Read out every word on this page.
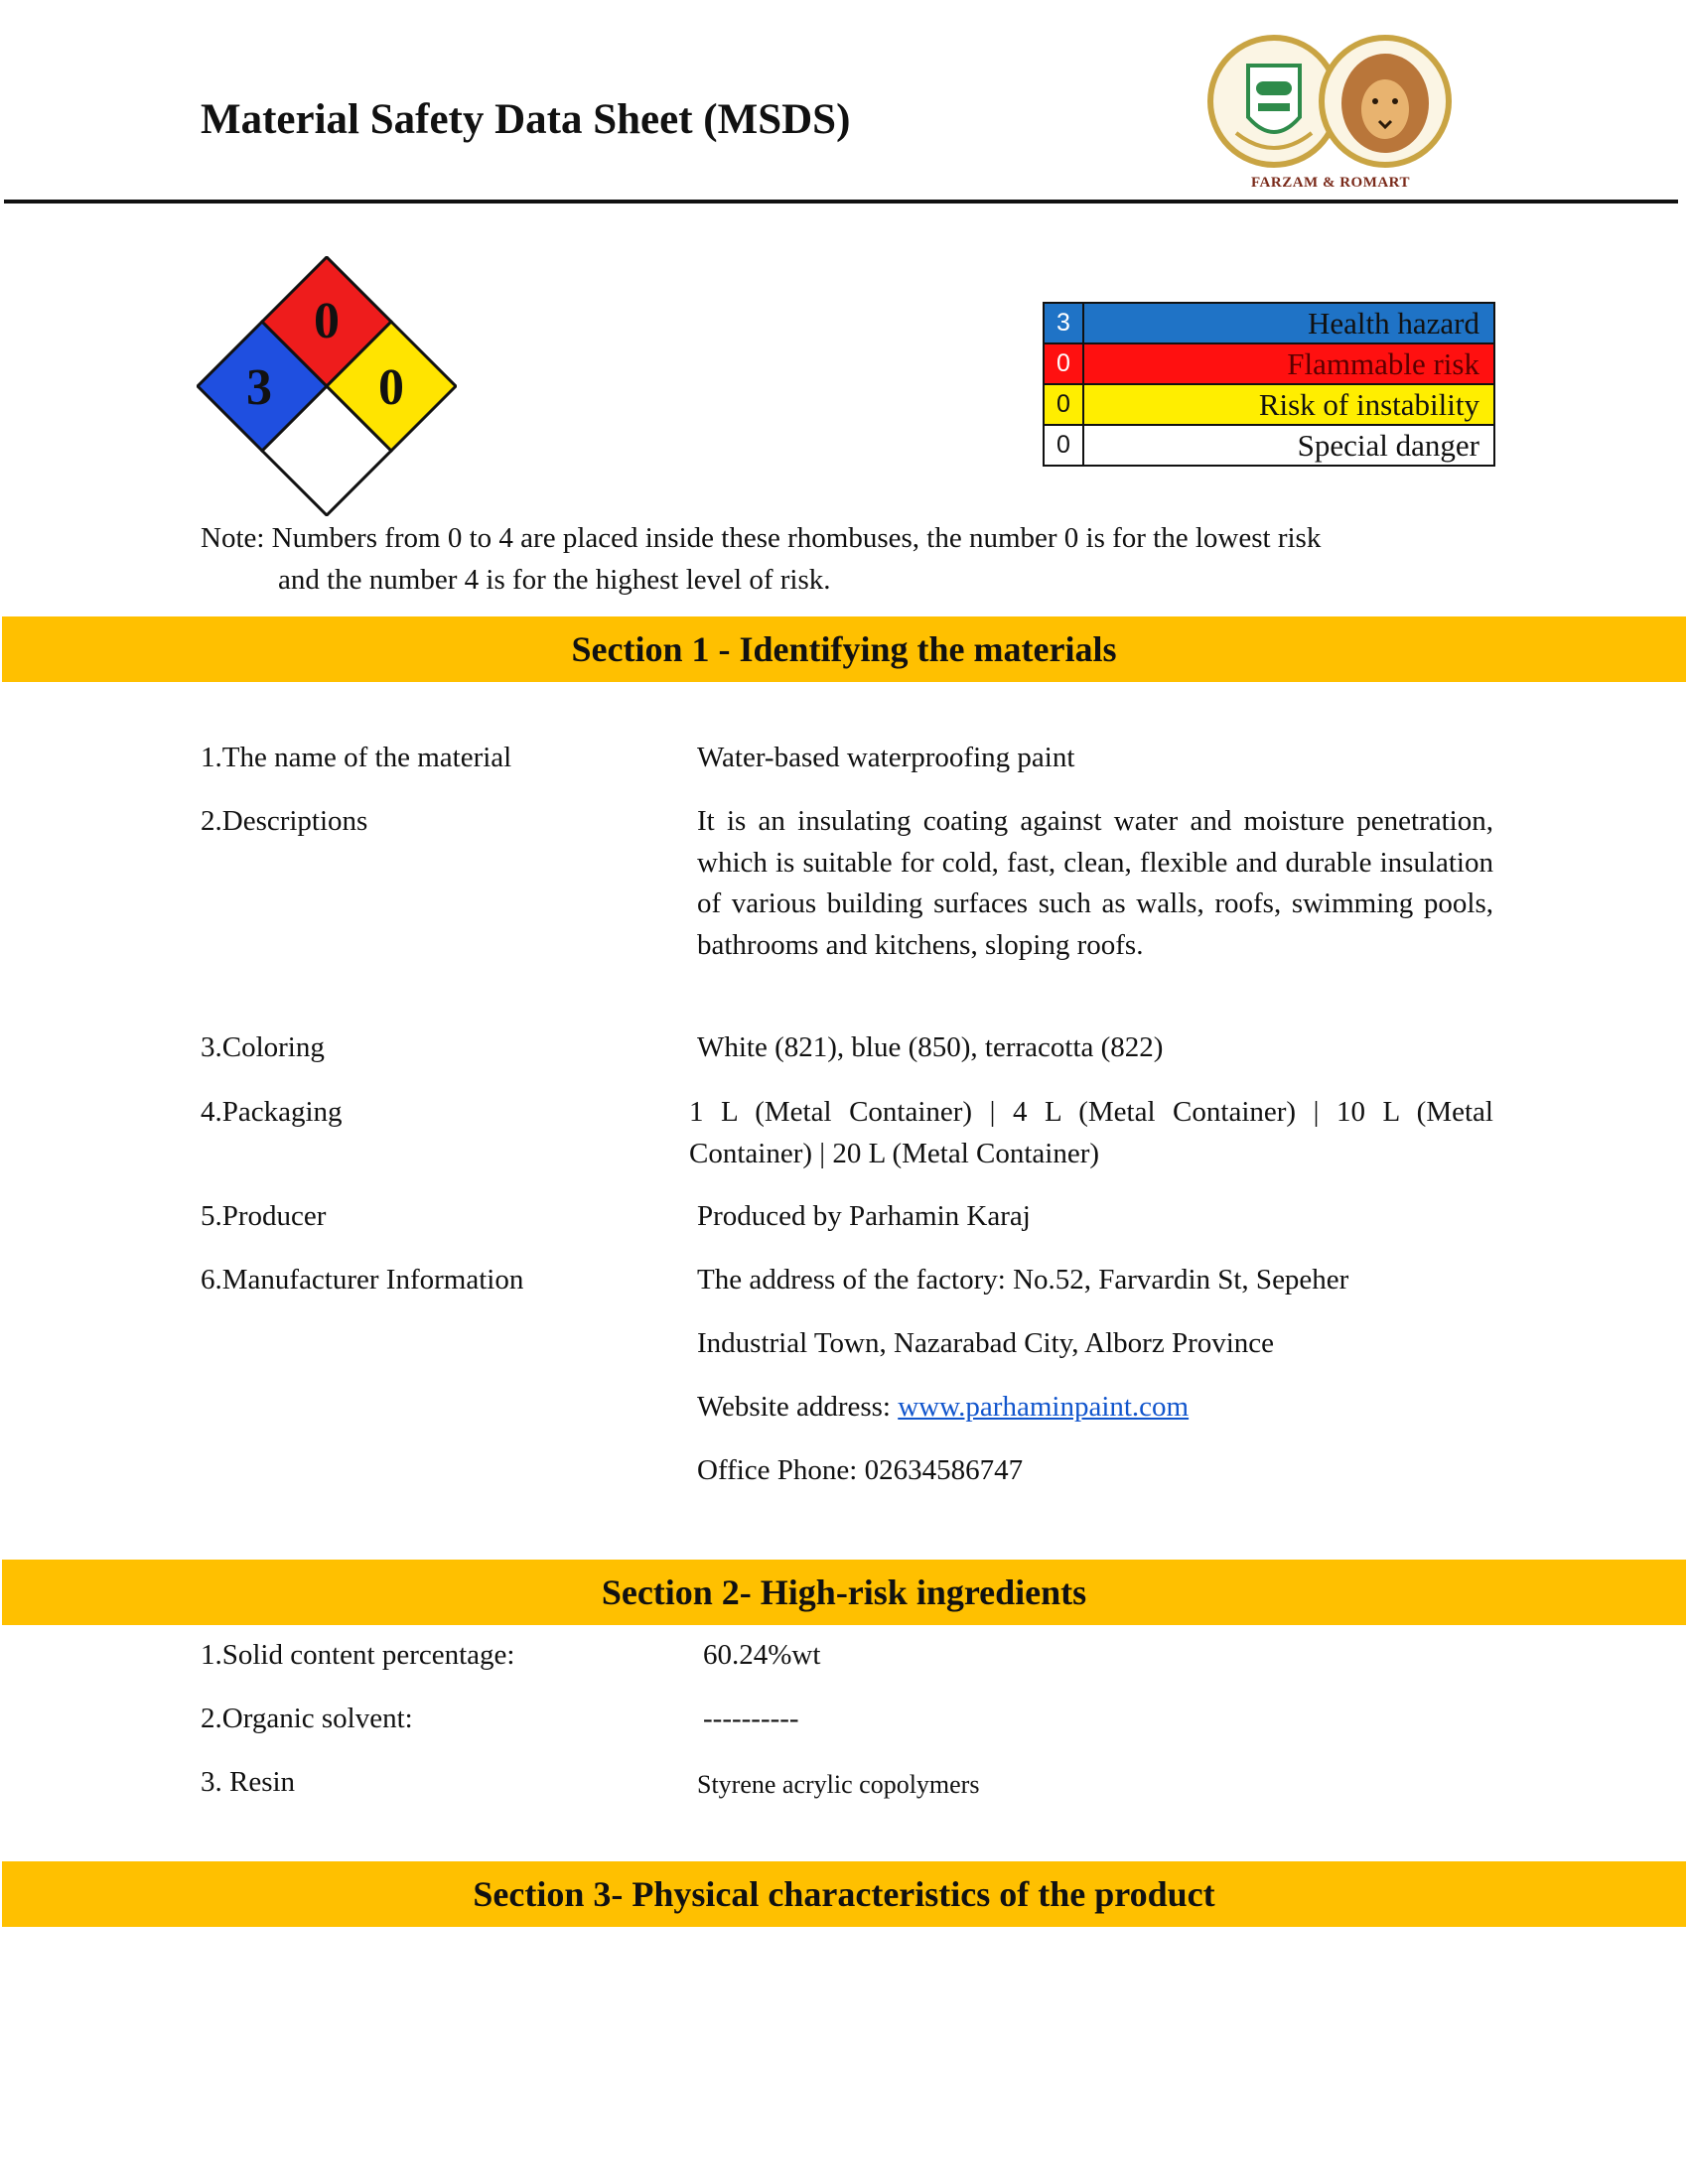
Material Safety Data Sheet (MSDS)
FARZAM & ROMART
0
3 0
3	Health hazard
0	Flammable risk
0	Risk of instability
0	Special danger
Note: Numbers from 0 to 4 are placed inside these rhombuses, the number 0 is for the lowest risk
and the number 4 is for the highest level of risk.
Section 1 - Identifying the materials
1.The name of the material	Water-based waterproofing paint
2.Descriptions	It is an insulating coating against water and moisture penetration, which is suitable for cold, fast, clean, flexible and durable insulation of various building surfaces such as walls, roofs, swimming pools, bathrooms and kitchens, sloping roofs.
3.Coloring	White (821), blue (850), terracotta (822)
4.Packaging	1 L (Metal Container) | 4 L (Metal Container) | 10 L (Metal Container) | 20 L (Metal Container)
5.Producer	Produced by Parhamin Karaj
6.Manufacturer Information	The address of the factory: No.52, Farvardin St, Sepeher
Industrial Town, Nazarabad City, Alborz Province
Website address: www.parhaminpaint.com
Office Phone: 02634586747
Section 2- High-risk ingredients
1.Solid content percentage:	60.24%wt
2.Organic solvent:	----------
3. Resin	Styrene acrylic copolymers
Section 3- Physical characteristics of the product
